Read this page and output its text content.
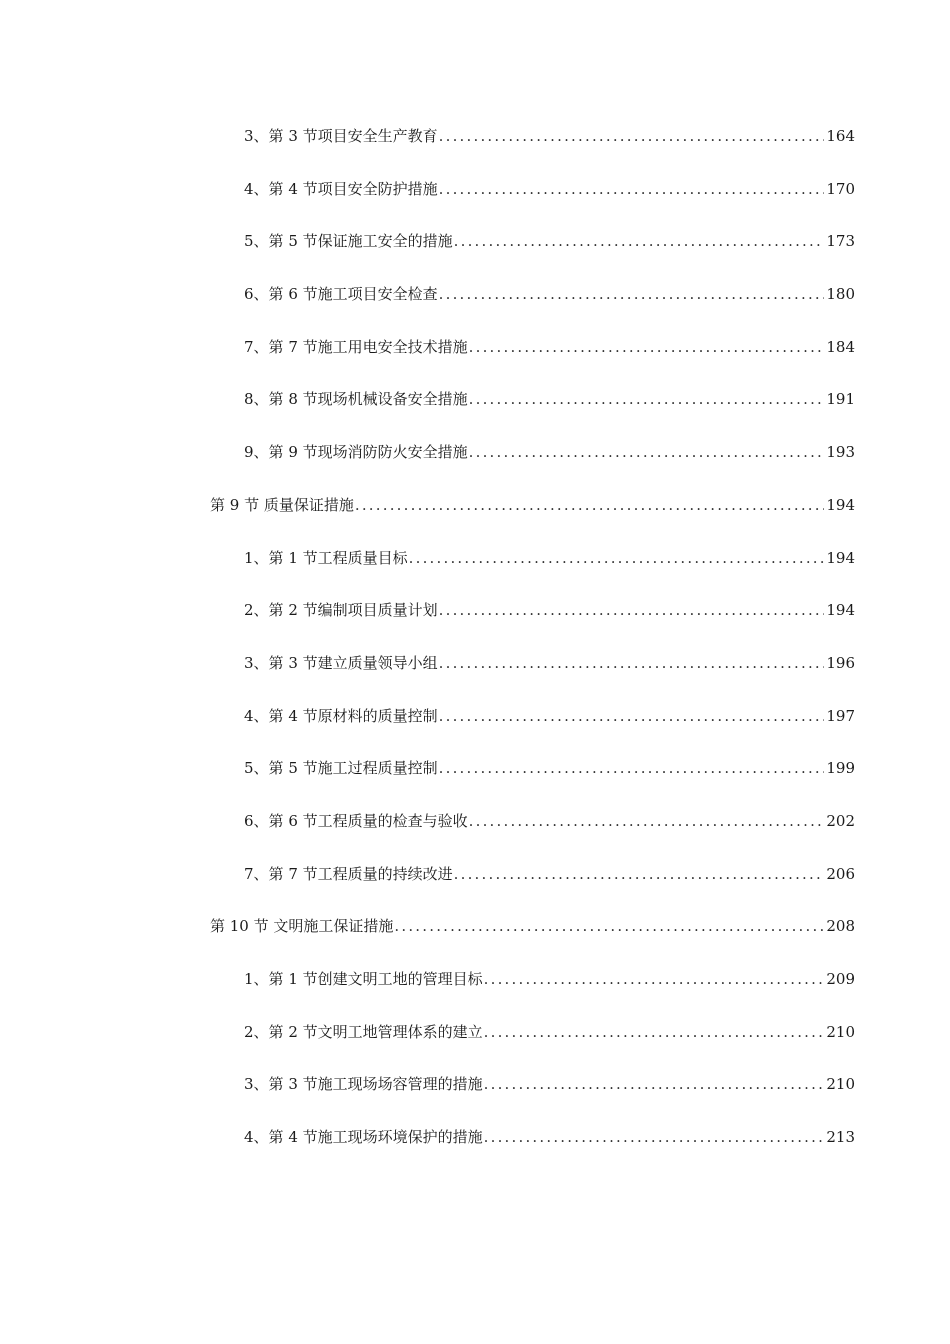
3、 第 3 节项目安全生产教育 .....	164
4、 第 4 节项目安全防护措施 .....	170
5、 第 5 节保证施工安全的措施 .....	173
6、 第 6 节施工项目安全检查 .....	180
7、 第 7 节施工用电安全技术措施 .....	184
8、 第 8 节现场机械设备安全措施 .....	191
9、 第 9 节现场消防防火安全措施 .....	193
第 9 节 质量保证措施 .....	194
1、 第 1 节工程质量目标 .....	194
2、 第 2 节编制项目质量计划 .....	194
3、 第 3 节建立质量领导小组 .....	196
4、 第 4 节原材料的质量控制 .....	197
5、 第 5 节施工过程质量控制 .....	199
6、 第 6 节工程质量的检查与验收 .....	202
7、 第 7 节工程质量的持续改进 .....	206
第 10 节 文明施工保证措施 .....	208
1、 第 1 节创建文明工地的管理目标 .....	209
2、 第 2 节文明工地管理体系的建立 .....	210
3、 第 3 节施工现场场容管理的措施 .....	210
4、 第 4 节施工现场环境保护的措施 .....	213
